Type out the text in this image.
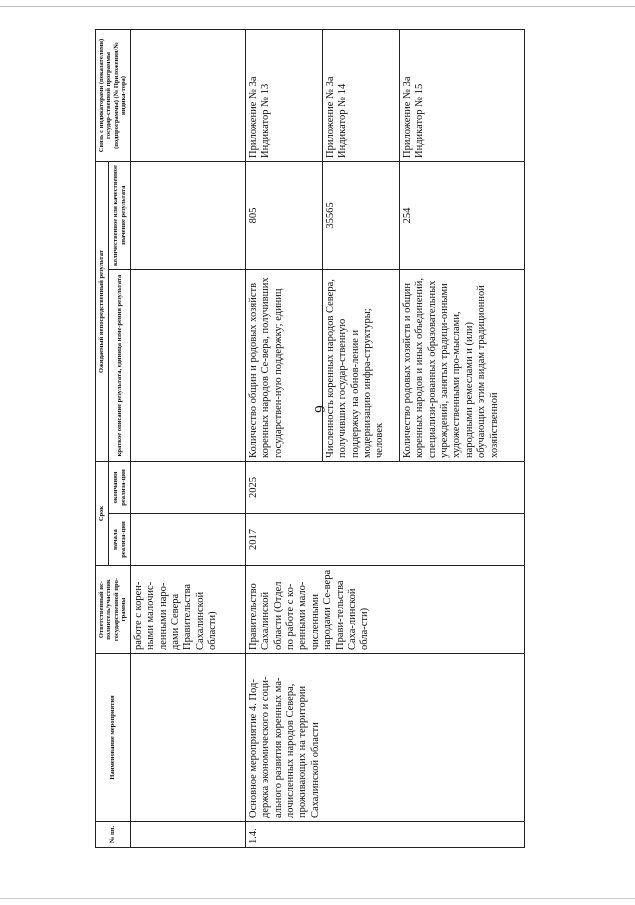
6
№ пп.	Наименование мероприятия	Ответственный ис-полнитель/участник государственной про-граммы	Срок		Ожидаемый непосредственный результат		Связь с индикаторами (показателями) государ-ственной программы (подпрограммы) (№ Приложения/№ индика-тора)
			начала реализа-ции	окончания реализа-ции	краткое описание результата, единица изме-рения результата	количественное или качественное значение результата	
		работе с корен-ными малочис-ленными наро-дами Севера Правительства Сахалинской области)					
1.4.	Основное мероприятие 4. Под-держка экономического и соци-ального развития коренных ма-лочисленных народов Севера, проживающих на территории Сахалинской области	Правительство Сахалинской области (Отдел по работе с ко-ренными мало-численными народами Се-вера Прави-тельства Саха-линской обла-сти)	2017	2025	Количество общин и родовых хозяйств коренных народов Се-вера, получивших государствен-ную поддержку; единиц	805	Приложение № 3а Индикатор № 13
					Численность коренных народов Севера, получивших государ-ственную поддержку на обнов-ление и модернизацию инфра-структуры; человек	35565	Приложение № 3а Индикатор № 14
					Количество родовых хозяйств и общин коренных народов и иных объединений, специализи-рованных образовательных учреждений, занятых традици-онными художественными про-мыслами, народными ремеслами и (или) обучающих этим видам традиционной хозяйственной	254	Приложение № 3а Индикатор № 15
